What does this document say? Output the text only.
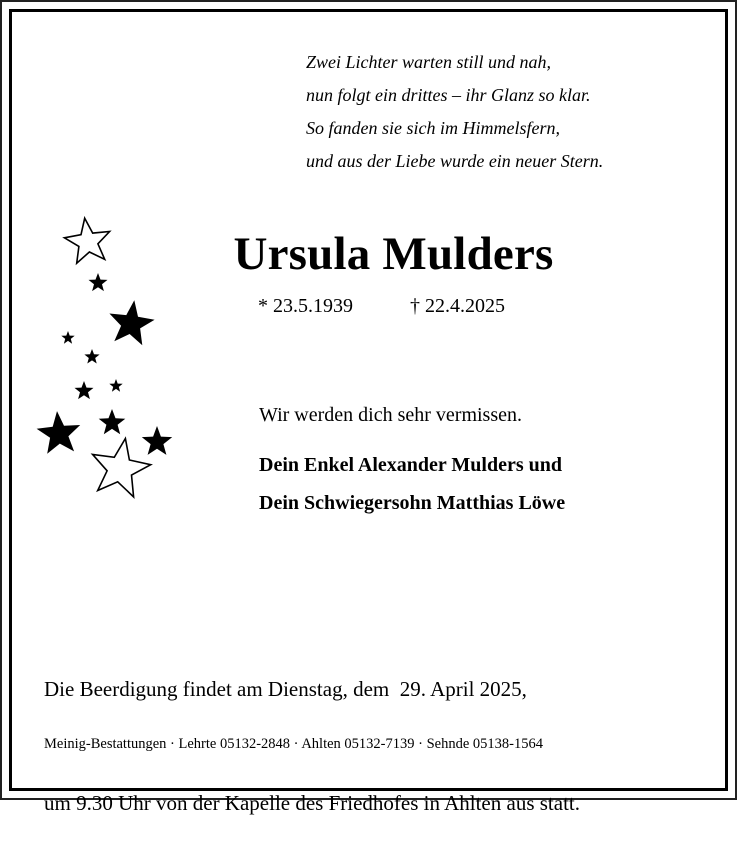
Zwei Lichter warten still und nah,
nun folgt ein drittes – ihr Glanz so klar.
So fanden sie sich im Himmelsfern,
und aus der Liebe wurde ein neuer Stern.
Ursula Mulders
* 23.5.1939	† 22.4.2025
Wir werden dich sehr vermissen.
Dein Enkel Alexander Mulders und
Dein Schwiegersohn Matthias Löwe

Die Beerdigung findet am Dienstag, dem  29. April 2025,

um 9.30 Uhr von der Kapelle des Friedhofes in Ahlten aus statt.

Meinig-Bestattungen · Lehrte 05132-2848 · Ahlten 05132-7139 · Sehnde 05138-1564
